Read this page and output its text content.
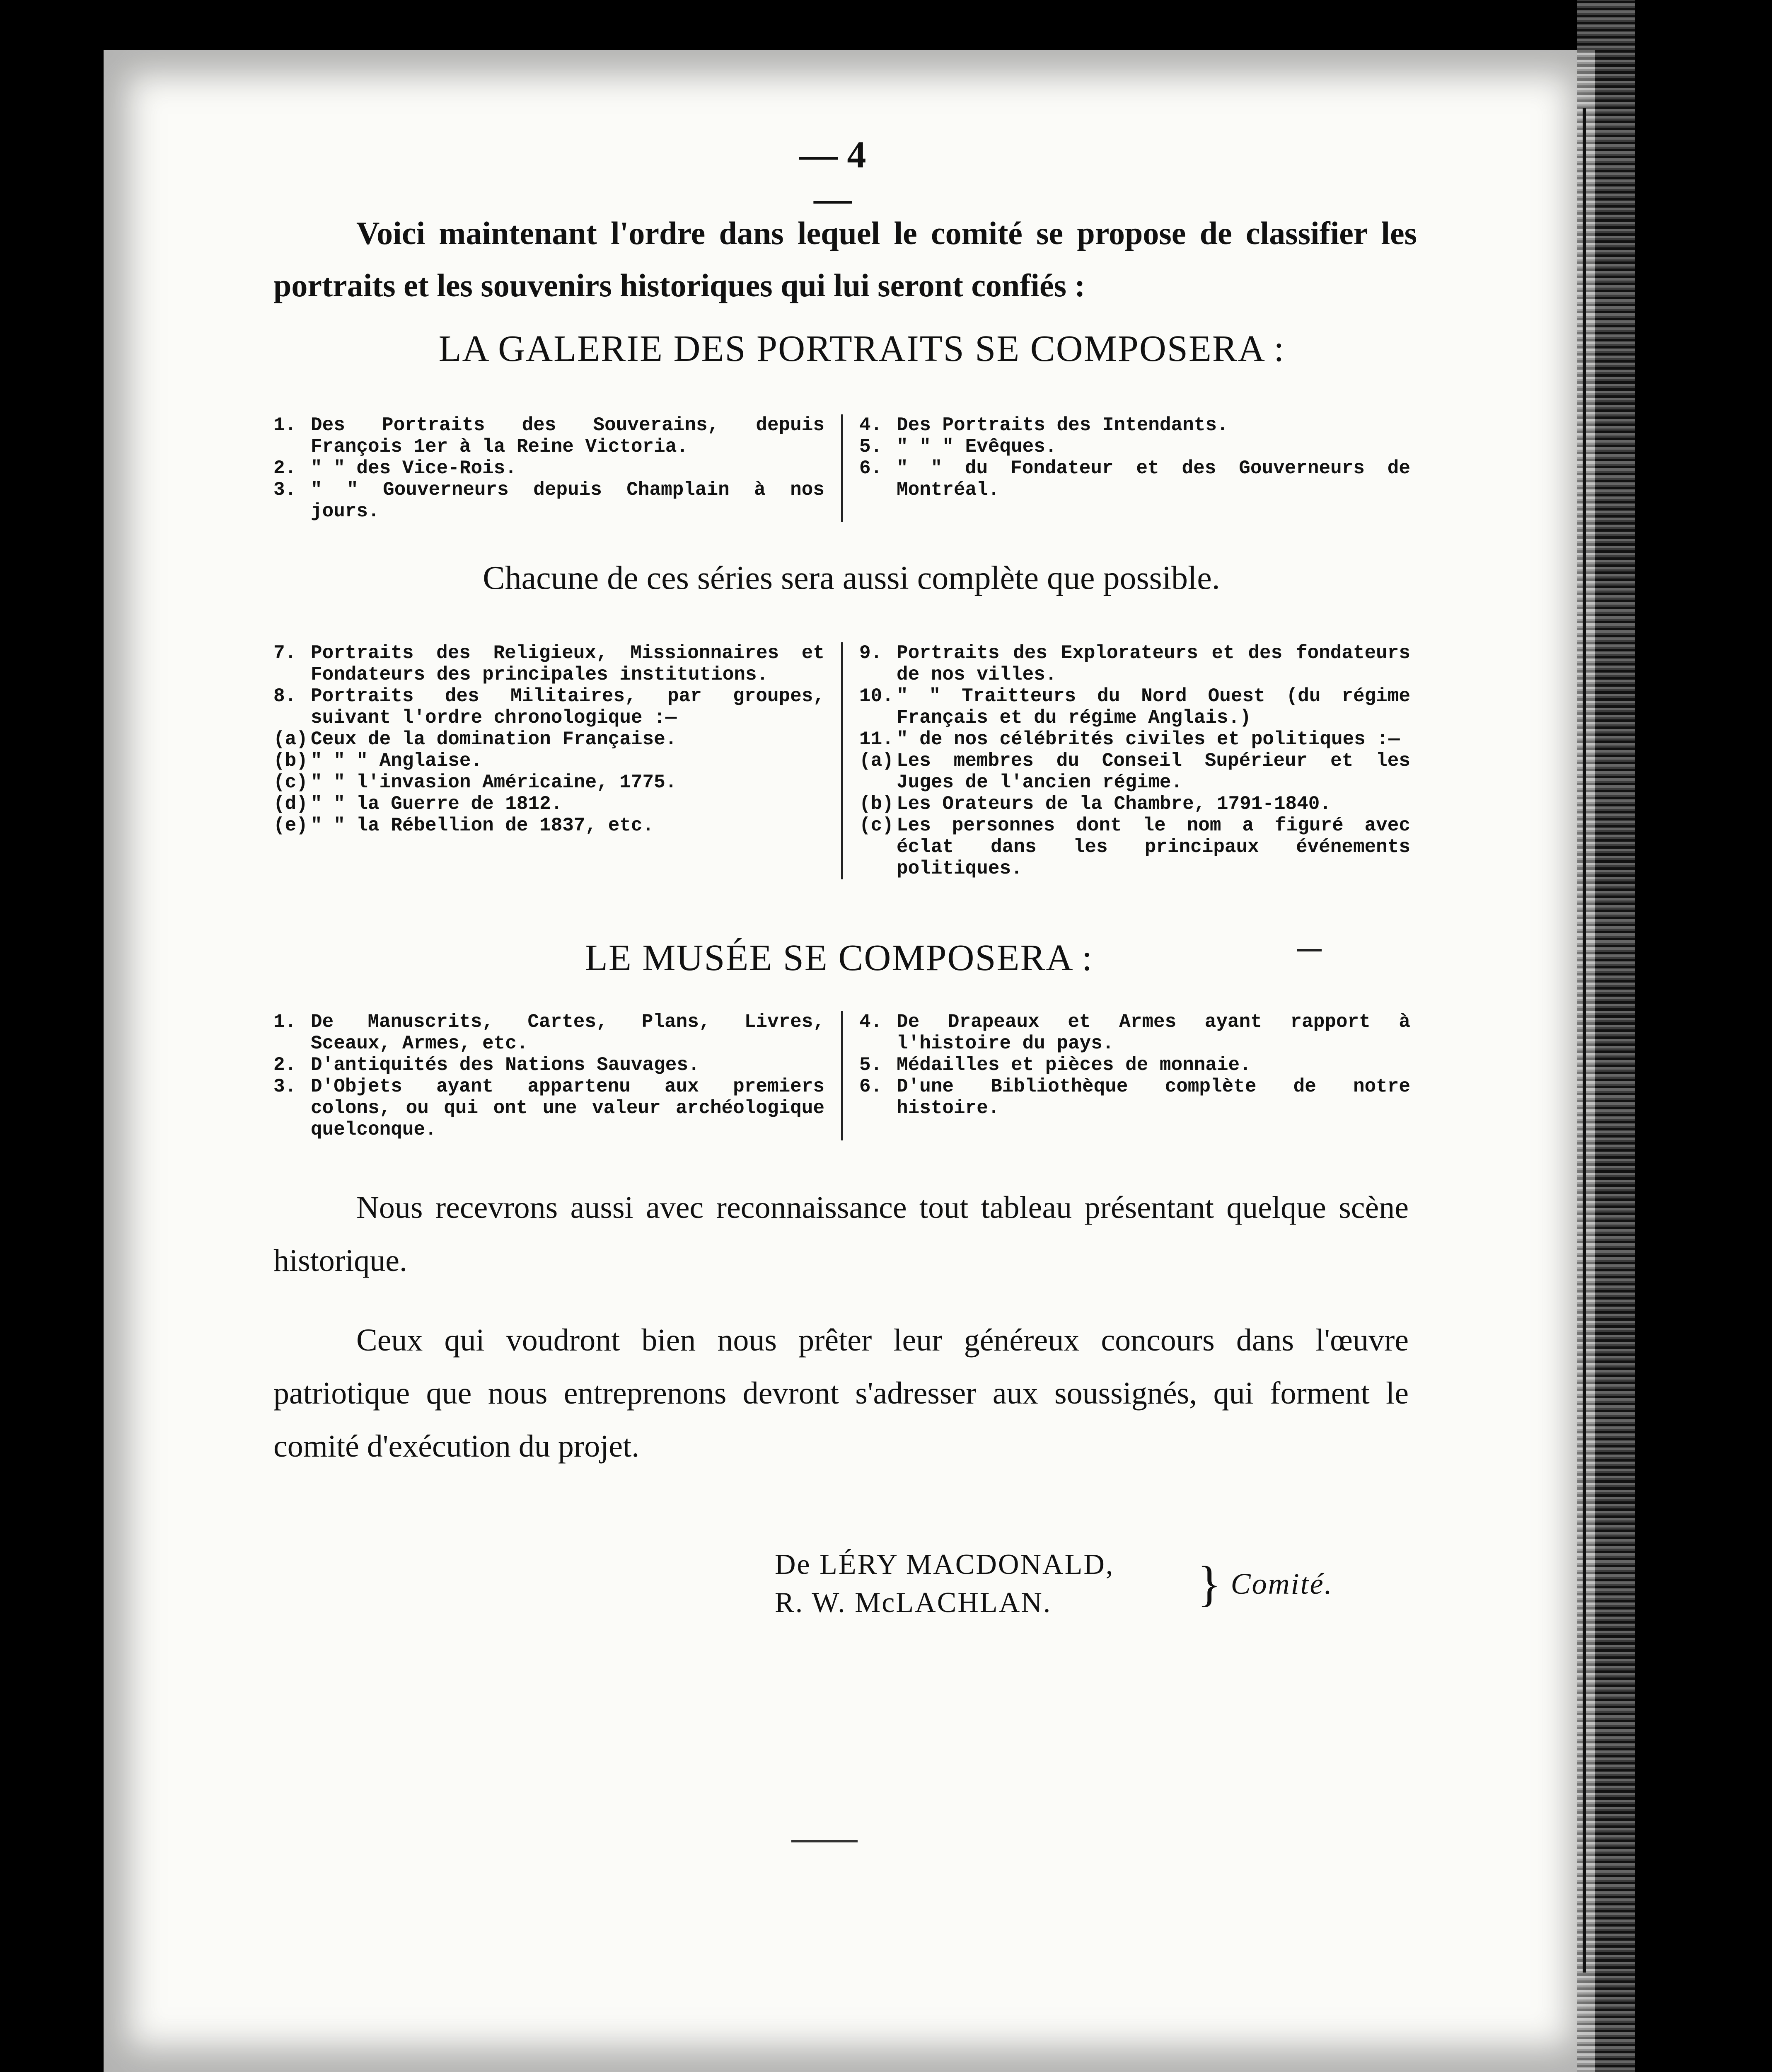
— 4 —

Voici maintenant l'ordre dans lequel le comité se propose de classifier les portraits et les souvenirs historiques qui lui seront confiés :

LA GALERIE DES PORTRAITS SE COMPOSERA :
1. Des Portraits des Souverains, depuis François 1er à la Reine Victoria.
2. " " des Vice-Rois.
3. " " Gouverneurs depuis Champlain à nos jours.
4. Des Portraits des Intendants.
5. " " " Evêques.
6. " " du Fondateur et des Gouverneurs de Montréal.
Chacune de ces séries sera aussi complète que possible.
7. Portraits des Religieux, Missionnaires et Fondateurs des principales institutions.
8. Portraits des Militaires, par groupes, suivant l'ordre chronologique :—
(a) Ceux de la domination Française.
(b) " " " Anglaise.
(c) " " l'invasion Américaine, 1775.
(d) " " la Guerre de 1812.
(e) " " la Rébellion de 1837, etc.
9. Portraits des Explorateurs et des fondateurs de nos villes.
10. " " Traitteurs du Nord Ouest (du régime Français et du régime Anglais.)
11. " de nos célébrités civiles et politiques :—
(a) Les membres du Conseil Supérieur et les Juges de l'ancien régime.
(b) Les Orateurs de la Chambre, 1791-1840.
(c) Les personnes dont le nom a figuré avec éclat dans les principaux événements politiques.
LE MUSÉE SE COMPOSERA :
1. De Manuscrits, Cartes, Plans, Livres, Sceaux, Armes, etc.
2. D'antiquités des Nations Sauvages.
3. D'Objets ayant appartenu aux premiers colons, ou qui ont une valeur archéologique quelconque.
4. De Drapeaux et Armes ayant rapport à l'histoire du pays.
5. Médailles et pièces de monnaie.
6. D'une Bibliothèque complète de notre histoire.

Nous recevrons aussi avec reconnaissance tout tableau présentant quelque scène historique.

Ceux qui voudront bien nous prêter leur généreux concours dans l'œuvre patriotique que nous entreprenons devront s'adresser aux soussignés, qui forment le comité d'exécution du projet.

De LÉRY MACDONALD,
R. W. McLACHLAN.	} Comité.
